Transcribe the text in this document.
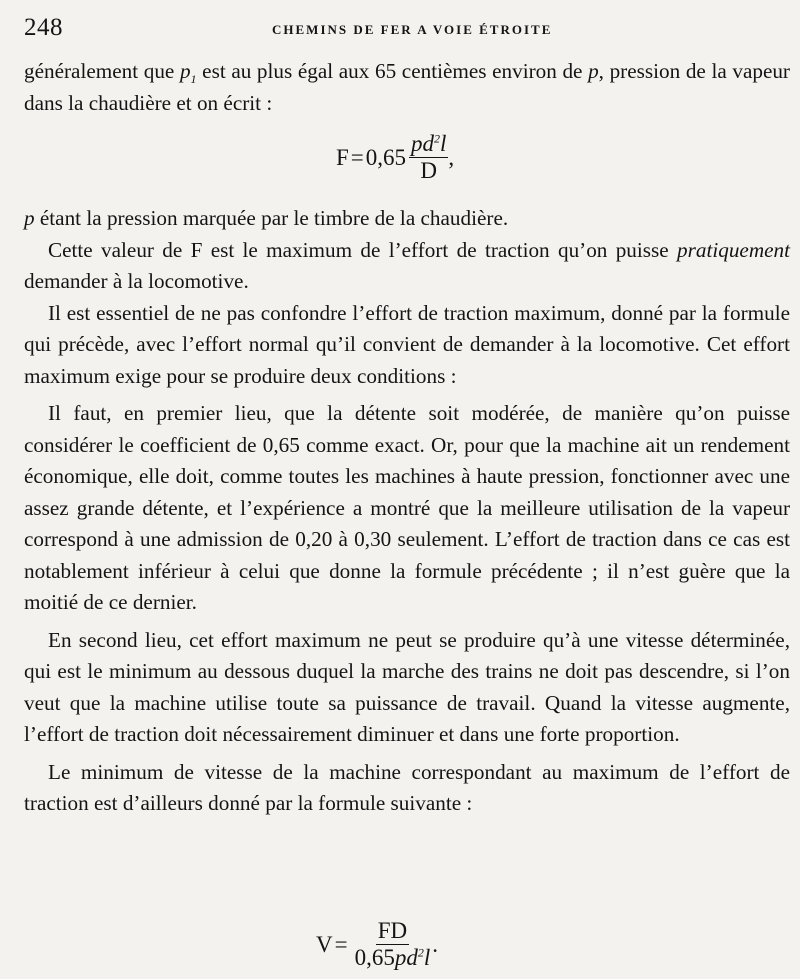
248	CHEMINS DE FER A VOIE ÉTROITE

généralement que $p_1$ est au plus égal aux 65 centièmes environ de p, pression de la vapeur dans la chaudière et on écrit :

$F = 0,65 \frac{pd^2l}{D}$ ,

p étant la pression marquée par le timbre de la chaudière.

Cette valeur de F est le maximum de l’effort de traction qu’on puisse pratiquement demander à la locomotive.

Il est essentiel de ne pas confondre l’effort de traction maximum, donné par la formule qui précède, avec l’effort normal qu’il convient de demander à la locomotive. Cet effort maximum exige pour se produire deux conditions :

Il faut, en premier lieu, que la détente soit modérée, de manière qu’on puisse considérer le coefficient de 0,65 comme exact. Or, pour que la machine ait un rendement économique, elle doit, comme toutes les machines à haute pression, fonctionner avec une assez grande détente, et l’expérience a montré que la meilleure utilisation de la vapeur correspond à une admission de 0,20 à 0,30 seulement. L’effort de traction dans ce cas est notablement inférieur à celui que donne la formule précédente ; il n’est guère que la moitié de ce dernier.

En second lieu, cet effort maximum ne peut se produire qu’à une vitesse déterminée, qui est le minimum au dessous duquel la marche des trains ne doit pas descendre, si l’on veut que la machine utilise toute sa puissance de travail. Quand la vitesse augmente, l’effort de traction doit nécessairement diminuer et dans une forte proportion.

Le minimum de vitesse de la machine correspondant au maximum de l’effort de traction est d’ailleurs donné par la formule suivante :

$V = \frac{FD}{0,65pd^2l}$ .
